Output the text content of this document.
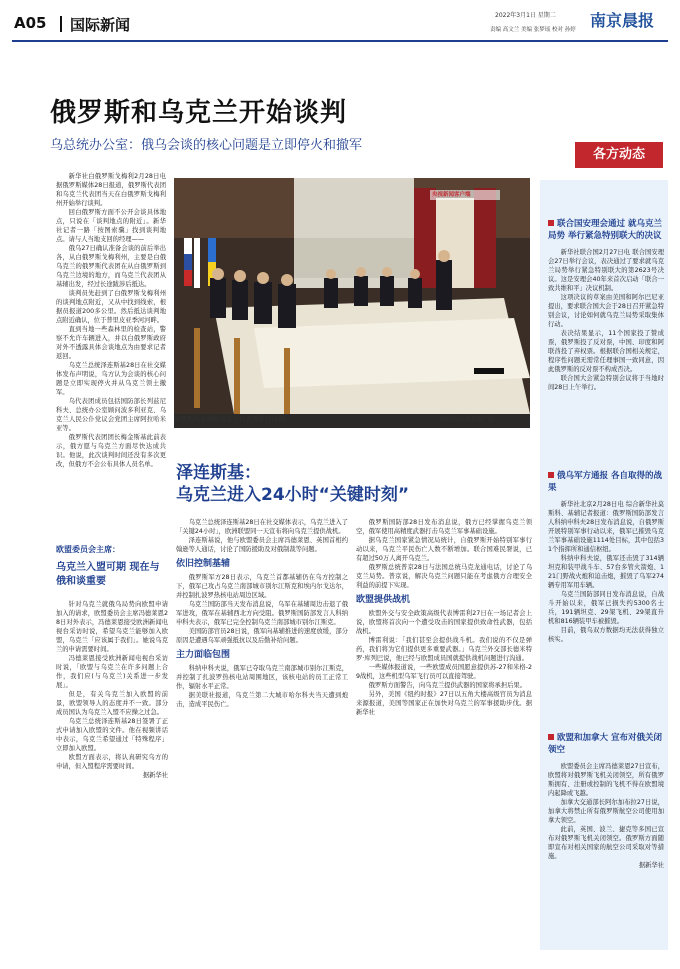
A05 国际新闻
2022年3月1日 星期二
责编 高文兰 美编 张梦瑶 校对 孙婷 南京晨报
俄罗斯和乌克兰开始谈判
乌总统办公室：俄乌会谈的核心问题是立即停火和撤军

新华社白俄罗斯戈梅利2月28日电 据俄罗斯媒体28日报道，俄罗斯代表团和乌克兰代表团当天在白俄罗斯戈梅利州开始举行谈判。

回白俄罗斯方面不公开会谈具体地点，只说在「谈判地点的附近」。新华社记者一路「按图索骥」找到谈判地点。请与人当地支回的经理——

俄乌27日确认准备会谈的前后举出各，从白俄罗斯戈梅利州，主要是白俄乌克兰的俄罗斯代表团在从白俄罗斯到乌克兰边境的地方，而乌克兰代表团从基辅出发，经过长途跋涉后抵达。

谈判员先赶到了白俄罗斯戈梅利州的谈判地点附近，又从中找到线索，根据员报道200多公里。然后抵达谈判地点附近确认，位于普里皮亚季河河畔。

直到当地一些森林里的检查站，警察不允许车辆进入，并以白俄罗斯政府对外不透露具体会谈地点为由要求记者返回。

乌克兰总统泽连斯基28日在社交媒体发布声明说，乌方认为会谈的核心问题是立即实现停火并从乌克兰领土撤军。

乌代表团成员包括国防部长列兹尼科夫、总统办公室顾问波多利亚克、乌克兰人民公仆党议会党团主席阿拉哈米亚等。

俄罗斯代表团团长梅金斯基此前表示，俄方愿与乌克兰方面尽快达成共识。他说，此次谈判时间还没有多次更改，但俄方不会公布具体人员名单。

欧盟委员会主席：
乌克兰入盟可期 现在与俄和谈重要

针对乌克兰就俄乌局势向欧盟申请加入的请求，欧盟委员会主席冯德莱恩28日对外表示，冯德莱恩接受欧洲新闻电视台采访时说，希望乌克兰能够加入欧盟，乌克兰「应该属于我们」。她说乌克兰的申请需要时间。

冯德莱恩接受欧洲新闻电视台采访时说，「欧盟与乌克兰在许多问题上合作，我们应(与乌克兰)关系进一步发展」。

但是，有关乌克兰加入欧盟的前景，欧盟领导人的态度并不一致。部分成员国认为乌克兰入盟不应操之过急。

乌克兰总统泽连斯基28日签署了正式申请加入欧盟的文件。他在视频讲话中表示，乌克兰希望通过「特殊程序」立即加入欧盟。

欧盟方面表示，将认真研究乌方的申请，但入盟程序需要时间。

据新华社

央视新闻客户端
俄罗斯代表团和乌克兰代表团举行谈判。	图据央视新闻客户端
泽连斯基：
乌克兰进入24小时“关键时刻”

乌克兰总统泽连斯基28日在社交媒体表示，乌克兰进入了「关键24小时」，欧洲联盟同一天宣布将向乌克兰提供战机。

泽连斯基说，他与欧盟委员会主席冯德莱恩、英国首相约翰逊等人通话，讨论了国防援助及对俄制裁等问题。

依旧控制基辅

俄罗斯军方28日表示，乌克兰首都基辅仍在乌方控制之下，俄军已攻占乌克兰南部城市别尔江斯克和埃内尔戈达尔，并控制扎波罗热核电站周边区域。

乌克兰国防部当天发布消息说，乌军在基辅周边击退了俄军进攻，俄军在基辅西北方向受阻。俄罗斯国防部发言人科纳申科夫表示，俄军已完全控制乌克兰南部城市别尔江斯克。

美国防部官员28日说，俄军向基辅推进的速度放缓，部分原因是遭遇乌军顽强抵抗以及后勤补给问题。

主力面临包围

科纳申科夫说，俄军已夺取乌克兰南部城市别尔江斯克，并控制了扎波罗热核电站周围地区，该核电站的员工正常工作，辐射水平正常。

据美联社报道，乌克兰第二大城市哈尔科夫当天遭到炮击，造成平民伤亡。

俄罗斯国防部28日发布消息说，俄方已经掌握乌克兰领空，俄军使用高精度武器打击乌克兰军事基础设施。

据乌克兰国家紧急情况局统计，自俄罗斯开始特别军事行动以来，乌克兰平民伤亡人数不断增加。联合国难民署说，已有超过50万人离开乌克兰。

俄罗斯总统普京28日与法国总统马克龙通电话，讨论了乌克兰局势。普京说，解决乌克兰问题只能在考虑俄方合理安全利益的前提下实现。

欧盟提供战机

欧盟外交与安全政策高级代表博雷利27日在一场记者会上说，欧盟将首次向一个遭受攻击的国家提供致命性武器，包括战机。

博雷利说：「我们甚至会提供战斗机。我们说的不仅是弹药，我们将为它们提供更多重要武器。」乌克兰外交部长德米特罗·库列巴说，他已经与欧盟成员国就提供战机问题进行沟通。

一些媒体报道说，一些欧盟成员国愿意提供苏-27和米格-29战机，这些机型乌军飞行员可以直接驾驶。

俄罗斯方面警告，向乌克兰提供武器的国家将承担后果。

另外，美国《纽约时报》27日以五角大楼高级官员为消息来源报道，美国等国家正在加快对乌克兰的军事援助步伐。据新华社

各方动态
联合国安理会通过 就乌克兰局势 举行紧急特别联大的决议

新华社联合国2月27日电 联合国安理会27日举行会议，表决通过了要求就乌克兰局势举行紧急特别联大的第2623号决议。这是安理会40年来首次启动「联合一致共维和平」决议机制。

这项决议的草案由美国和阿尔巴尼亚提出，要求联合国大会于28日召开紧急特别会议，讨论如何就乌克兰局势采取集体行动。

表决结果显示，11个国家投了赞成票，俄罗斯投了反对票，中国、印度和阿联酋投了弃权票。根据联合国相关规定，程序性问题无需常任理事国一致同意，因此俄罗斯的反对票不构成否决。

联合国大会紧急特别会议将于当地时间28日上午举行。

俄乌军方通报 各自取得的战果

新华社北京2月28日电 综合新华社莫斯科、基辅记者报道：俄罗斯国防部发言人科纳申科夫28日发布消息说，自俄罗斯开展特别军事行动以来，俄军已摧毁乌克兰军事基础设施1114处目标，其中包括31个指挥所和通信枢纽。

科纳申科夫说，俄军还击毁了314辆坦克和装甲战斗车、57台多管火箭炮、121门野战火炮和迫击炮，摧毁了乌军274辆专用军用车辆。

乌克兰国防部同日发布消息说，自战斗开始以来，俄军已损失约5300名士兵，191辆坦克、29架飞机、29架直升机和816辆装甲车被摧毁。

目前，俄乌双方数据均无法获得独立核实。

欧盟和加拿大 宣布对俄关闭领空

欧盟委员会主席冯德莱恩27日宣布，欧盟将对俄罗斯飞机关闭领空，所有俄罗斯拥有、注册或控制的飞机不得在欧盟境内起降或飞越。

加拿大交通部长阿尔加布拉27日说，加拿大将禁止所有俄罗斯航空公司使用加拿大领空。

此前，英国、波兰、捷克等多国已宣布对俄罗斯飞机关闭领空。俄罗斯方面随即宣布对相关国家的航空公司采取对等措施。

据新华社
